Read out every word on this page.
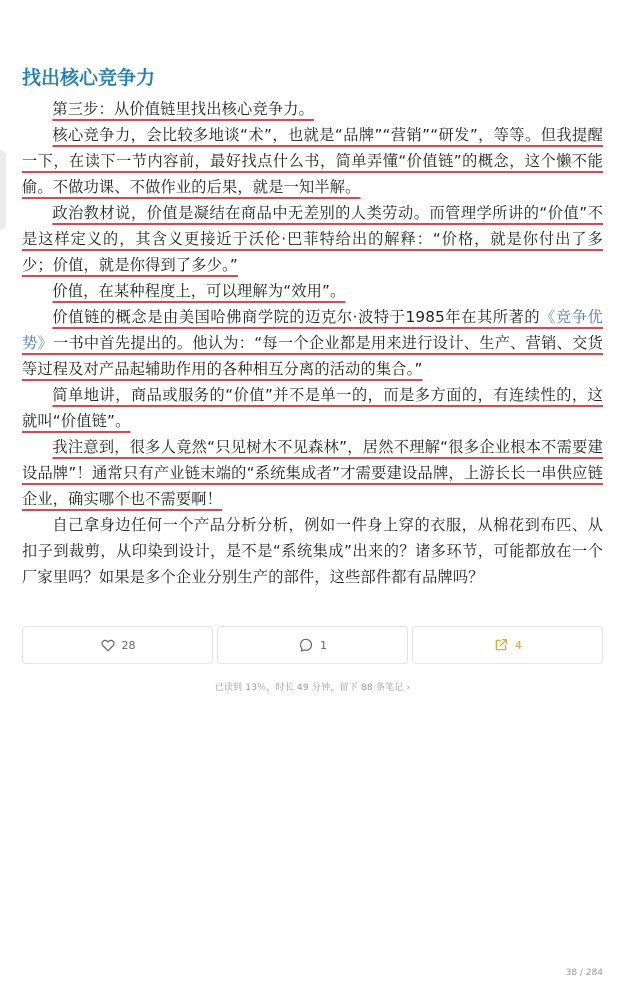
找出核心竞争力

第三步：从价值链里找出核心竞争力。

核心竞争力，会比较多地谈“术”，也就是“品牌”“营销”“研发”，等等。但我提醒一下，在读下一节内容前，最好找点什么书，简单弄懂“价值链”的概念，这个懒不能偷。不做功课、不做作业的后果，就是一知半解。

政治教材说，价值是凝结在商品中无差别的人类劳动。而管理学所讲的“价值”不是这样定义的，其含义更接近于沃伦·巴菲特给出的解释：“价格，就是你付出了多少；价值，就是你得到了多少。”

价值，在某种程度上，可以理解为“效用”。

价值链的概念是由美国哈佛商学院的迈克尔·波特于1985年在其所著的《竞争优势》一书中首先提出的。他认为：“每一个企业都是用来进行设计、生产、营销、交货等过程及对产品起辅助作用的各种相互分离的活动的集合。”

简单地讲，商品或服务的“价值”并不是单一的，而是多方面的，有连续性的，这就叫“价值链”。

我注意到，很多人竟然“只见树木不见森林”，居然不理解“很多企业根本不需要建设品牌”！通常只有产业链末端的“系统集成者”才需要建设品牌，上游长长一串供应链企业，确实哪个也不需要啊！

自己拿身边任何一个产品分析分析，例如一件身上穿的衣服，从棉花到布匹、从扣子到裁剪，从印染到设计，是不是“系统集成”出来的？诸多环节，可能都放在一个厂家里吗？如果是多个企业分别生产的部件，这些部件都有品牌吗？

28	1	4
已读到 13％，时长 49 分钟，留下 88 条笔记 ›
38 / 284
